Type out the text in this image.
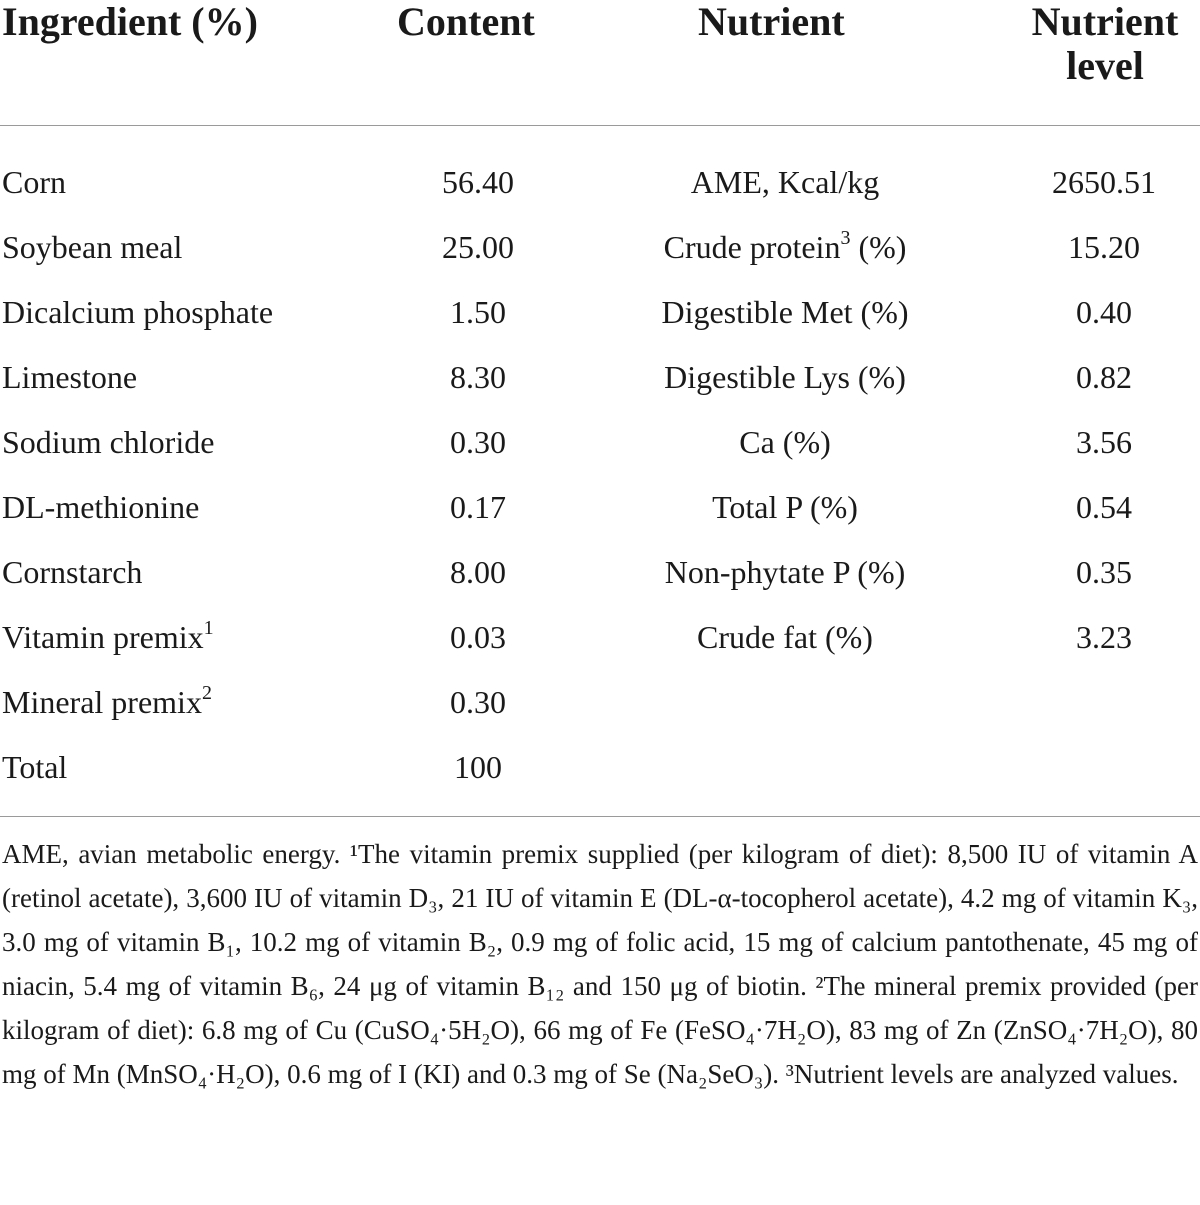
Ingredient (%)	Content	Nutrient	Nutrient
level
Corn	56.40	AME, Kcal/kg	2650.51
Soybean meal	25.00	Crude protein$^3$ (%)	15.20
Dicalcium phosphate	1.50	Digestible Met (%)	0.40
Limestone	8.30	Digestible Lys (%)	0.82
Sodium chloride	0.30	Ca (%)	3.56
DL-methionine	0.17	Total P (%)	0.54
Cornstarch	8.00	Non-phytate P (%)	0.35
Vitamin premix$^1$	0.03	Crude fat (%)	3.23
Mineral premix$^2$	0.30
Total	100

AME, avian metabolic energy. ¹The vitamin premix supplied (per kilogram of diet): 8,500 IU of vitamin A (retinol acetate), 3,600 IU of vitamin D₃, 21 IU of vitamin E (DL-α-tocopherol acetate), 4.2 mg of vitamin K₃, 3.0 mg of vitamin B₁, 10.2 mg of vitamin B₂, 0.9 mg of folic acid, 15 mg of calcium pantothenate, 45 mg of niacin, 5.4 mg of vitamin B₆, 24 μg of vitamin B₁₂ and 150 μg of biotin. ²The mineral premix provided (per kilogram of diet): 6.8 mg of Cu (CuSO₄·5H₂O), 66 mg of Fe (FeSO₄·7H₂O), 83 mg of Zn (ZnSO₄·7H₂O), 80 mg of Mn (MnSO₄·H₂O), 0.6 mg of I (KI) and 0.3 mg of Se (Na₂SeO₃). ³Nutrient levels are analyzed values.
